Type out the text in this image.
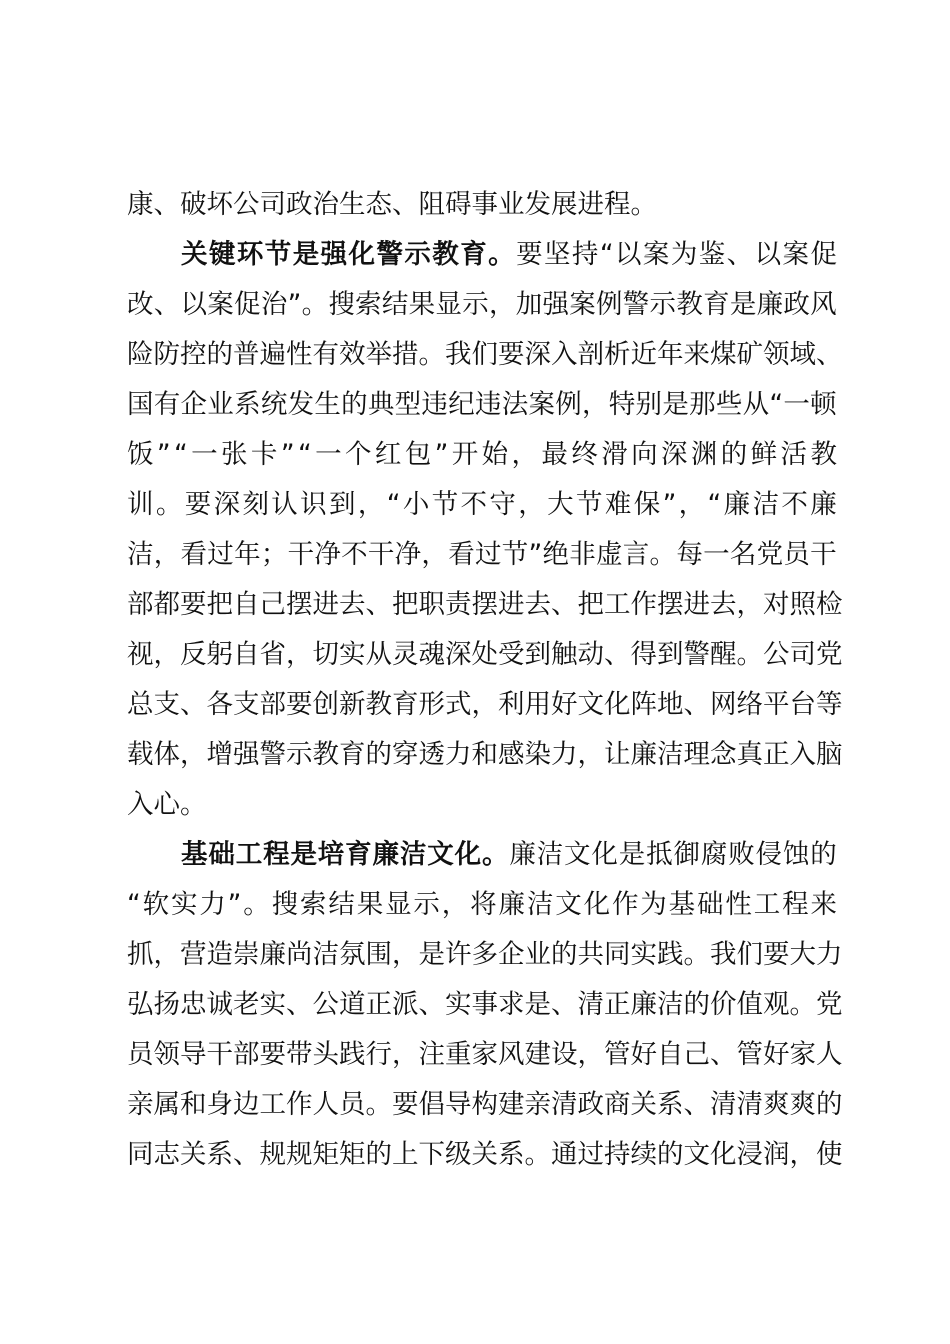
康 、 破 坏 公 司 政 治 生 态 、 阻 碍 事 业 发 展 进 程 。
关 键 环 节 是 强 化 警 示 教 育 。 要 坚 持 “ 以 案 为 鉴 、 以 案 促
改 、 以 案 促 治 ” 。 搜 索 结 果 显 示 ， 加 强 案 例 警 示 教 育 是 廉 政 风
险 防 控 的 普 遍 性 有 效 举 措 。 我 们 要 深 入 剖 析 近 年 来 煤 矿 领 域 、
国 有 企 业 系 统 发 生 的 典 型 违 纪 违 法 案 例 ， 特 别 是 那 些 从 “ 一 顿
饭 ” “ 一 张 卡 ” “ 一 个 红 包 ” 开 始 ， 最 终 滑 向 深 渊 的 鲜 活 教
训 。 要 深 刻 认 识 到 ， “ 小 节 不 守 ， 大 节 难 保 ” ， “ 廉 洁 不 廉
洁 ， 看 过 年 ； 干 净 不 干 净 ， 看 过 节 ” 绝 非 虚 言 。 每 一 名 党 员 干
部 都 要 把 自 己 摆 进 去 、 把 职 责 摆 进 去 、 把 工 作 摆 进 去 ， 对 照 检
视 ， 反 躬 自 省 ， 切 实 从 灵 魂 深 处 受 到 触 动 、 得 到 警 醒 。 公 司 党
总 支 、 各 支 部 要 创 新 教 育 形 式 ， 利 用 好 文 化 阵 地 、 网 络 平 台 等
载 体 ， 增 强 警 示 教 育 的 穿 透 力 和 感 染 力 ， 让 廉 洁 理 念 真 正 入 脑
入 心 。
基 础 工 程 是 培 育 廉 洁 文 化 。 廉 洁 文 化 是 抵 御 腐 败 侵 蚀 的
“ 软 实 力 ” 。 搜 索 结 果 显 示 ， 将 廉 洁 文 化 作 为 基 础 性 工 程 来
抓 ， 营 造 崇 廉 尚 洁 氛 围 ， 是 许 多 企 业 的 共 同 实 践 。 我 们 要 大 力
弘 扬 忠 诚 老 实 、 公 道 正 派 、 实 事 求 是 、 清 正 廉 洁 的 价 值 观 。 党
员 领 导 干 部 要 带 头 践 行 ， 注 重 家 风 建 设 ， 管 好 自 己 、 管 好 家 人
亲 属 和 身 边 工 作 人 员 。 要 倡 导 构 建 亲 清 政 商 关 系 、 清 清 爽 爽 的
同 志 关 系 、 规 规 矩 矩 的 上 下 级 关 系 。 通 过 持 续 的 文 化 浸 润 ， 使
